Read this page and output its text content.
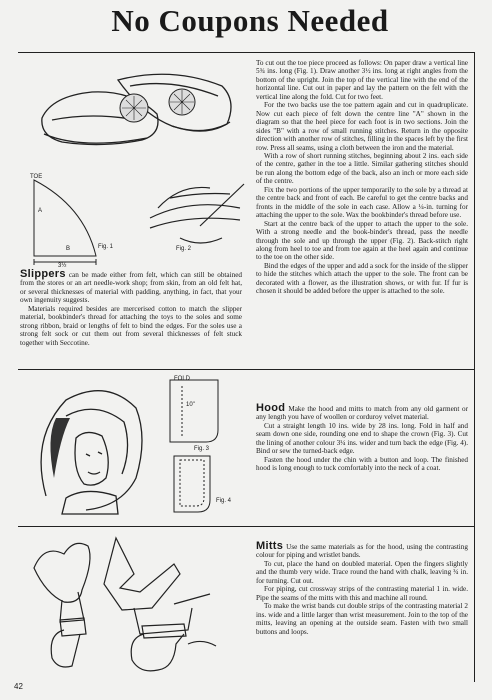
No Coupons Needed
TOE
A
B
3½
Fig. 1	Fig. 2

Slippers can be made either from felt, which can still be obtained from the stores or an art needle-work shop; from skin, from an old felt hat, or several thicknesses of material with padding, anything, in fact, that your own ingenuity suggests.

Materials required besides are mercerised cotton to match the slipper material, bookbinder's thread for attaching the toys to the soles and some strong ribbon, braid or lengths of felt to bind the edges. For the soles use a strong felt sock or cut them out from several thicknesses of felt stuck together with Seccotine.

To cut out the toe piece proceed as follows: On paper draw a vertical line 5¾ ins. long (Fig. 1). Draw another 3½ ins. long at right angles from the bottom of the upright. Join the top of the vertical line with the end of the horizontal line. Cut out in paper and lay the pattern on the felt with the vertical line along the fold. Cut for two feet.

For the two backs use the toe pattern again and cut in quadruplicate. Now cut each piece of felt down the centre line "A" shown in the diagram so that the heel piece for each foot is in two sections. Join the sides "B" with a row of small running stitches. Return in the opposite direction with another row of stitches, filling in the spaces left by the first row. Press all seams, using a cloth between the iron and the material.

With a row of short running stitches, beginning about 2 ins. each side of the centre, gather in the toe a little. Similar gathering stitches should be run along the bottom edge of the back, also an inch or more each side of the centre.

Fix the two portions of the upper temporarily to the sole by a thread at the centre back and front of each. Be careful to get the centre backs and fronts in the middle of the sole in each case. Allow a ¼-in. turning for attaching the upper to the sole. Wax the bookbinder's thread before use.

Start at the centre back of the upper to attach the upper to the sole. With a strong needle and the book-binder's thread, pass the needle through the sole and up through the upper (Fig. 2). Back-stitch right along from heel to toe and from toe again at the heel again and continue to the toe on the other side.

Bind the edges of the upper and add a sock for the inside of the slipper to hide the stitches which attach the upper to the sole. The front can be decorated with a flower, as the illustration shows, or with fur. If fur is chosen it should be added before the upper is attached to the sole.

FOLD
10"
Fig. 3
Fig. 4

Hood Make the hood and mitts to match from any old garment or any length you have of woollen or corduroy velvet material.

Cut a straight length 10 ins. wide by 28 ins. long. Fold in half and seam down one side, rounding one end to shape the crown (Fig. 3). Cut the lining of another colour 3¼ ins. wider and turn back the edge (Fig. 4). Bind or sew the turned-back edge.

Fasten the hood under the chin with a button and loop. The finished hood is long enough to tuck comfortably into the neck of a coat.

Mitts Use the same materials as for the hood, using the contrasting colour for piping and wristlet bands.

To cut, place the hand on doubled material. Open the fingers slightly and the thumb very wide. Trace round the hand with chalk, leaving ¾ in. for turning. Cut out.

For piping, cut crossway strips of the contrasting material 1 in. wide. Pipe the seams of the mitts with this and machine all round.

To make the wrist bands cut double strips of the contrasting material 2 ins. wide and a little larger than wrist measurement. Join to the top of the mitts, leaving an opening at the outside seam. Fasten with two small buttons and loops.

42
